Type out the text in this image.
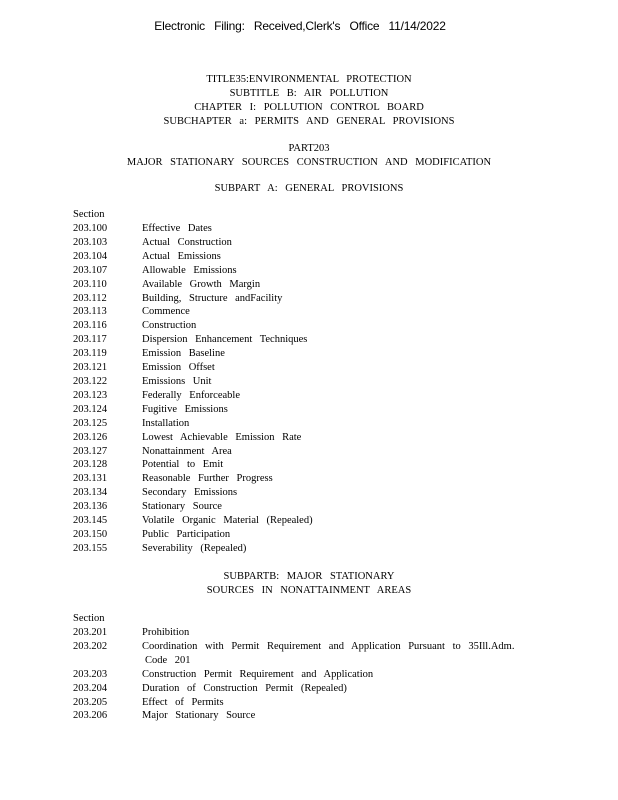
Electronic Filing: Received,Clerk's Office 11/14/2022
TITLE35:ENVIRONMENTAL PROTECTION
SUBTITLE B: AIR POLLUTION
CHAPTER I: POLLUTION CONTROL BOARD
SUBCHAPTER a: PERMITS AND GENERAL PROVISIONS
PART203
MAJOR STATIONARY SOURCES CONSTRUCTION AND MODIFICATION
SUBPART A: GENERAL PROVISIONS
Section
203.100	Effective Dates
203.103	Actual Construction
203.104	Actual Emissions
203.107	Allowable Emissions
203.110	Available Growth Margin
203.112	Building, Structure andFacility
203.113	Commence
203.116	Construction
203.117	Dispersion Enhancement Techniques
203.119	Emission Baseline
203.121	Emission Offset
203.122	Emissions Unit
203.123	Federally Enforceable
203.124	Fugitive Emissions
203.125	Installation
203.126	Lowest Achievable Emission Rate
203.127	Nonattainment Area
203.128	Potential to Emit
203.131	Reasonable Further Progress
203.134	Secondary Emissions
203.136	Stationary Source
203.145	Volatile Organic Material (Repealed)
203.150	Public Participation
203.155	Severability (Repealed)
SUBPARTB: MAJOR STATIONARY
SOURCES IN NONATTAINMENT AREAS
Section
203.201	Prohibition
203.202	Coordination with Permit Requirement and Application Pursuant to 35Ill.Adm.
Code 201
203.203	Construction Permit Requirement and Application
203.204	Duration of Construction Permit (Repealed)
203.205	Effect of Permits
203.206	Major Stationary Source
